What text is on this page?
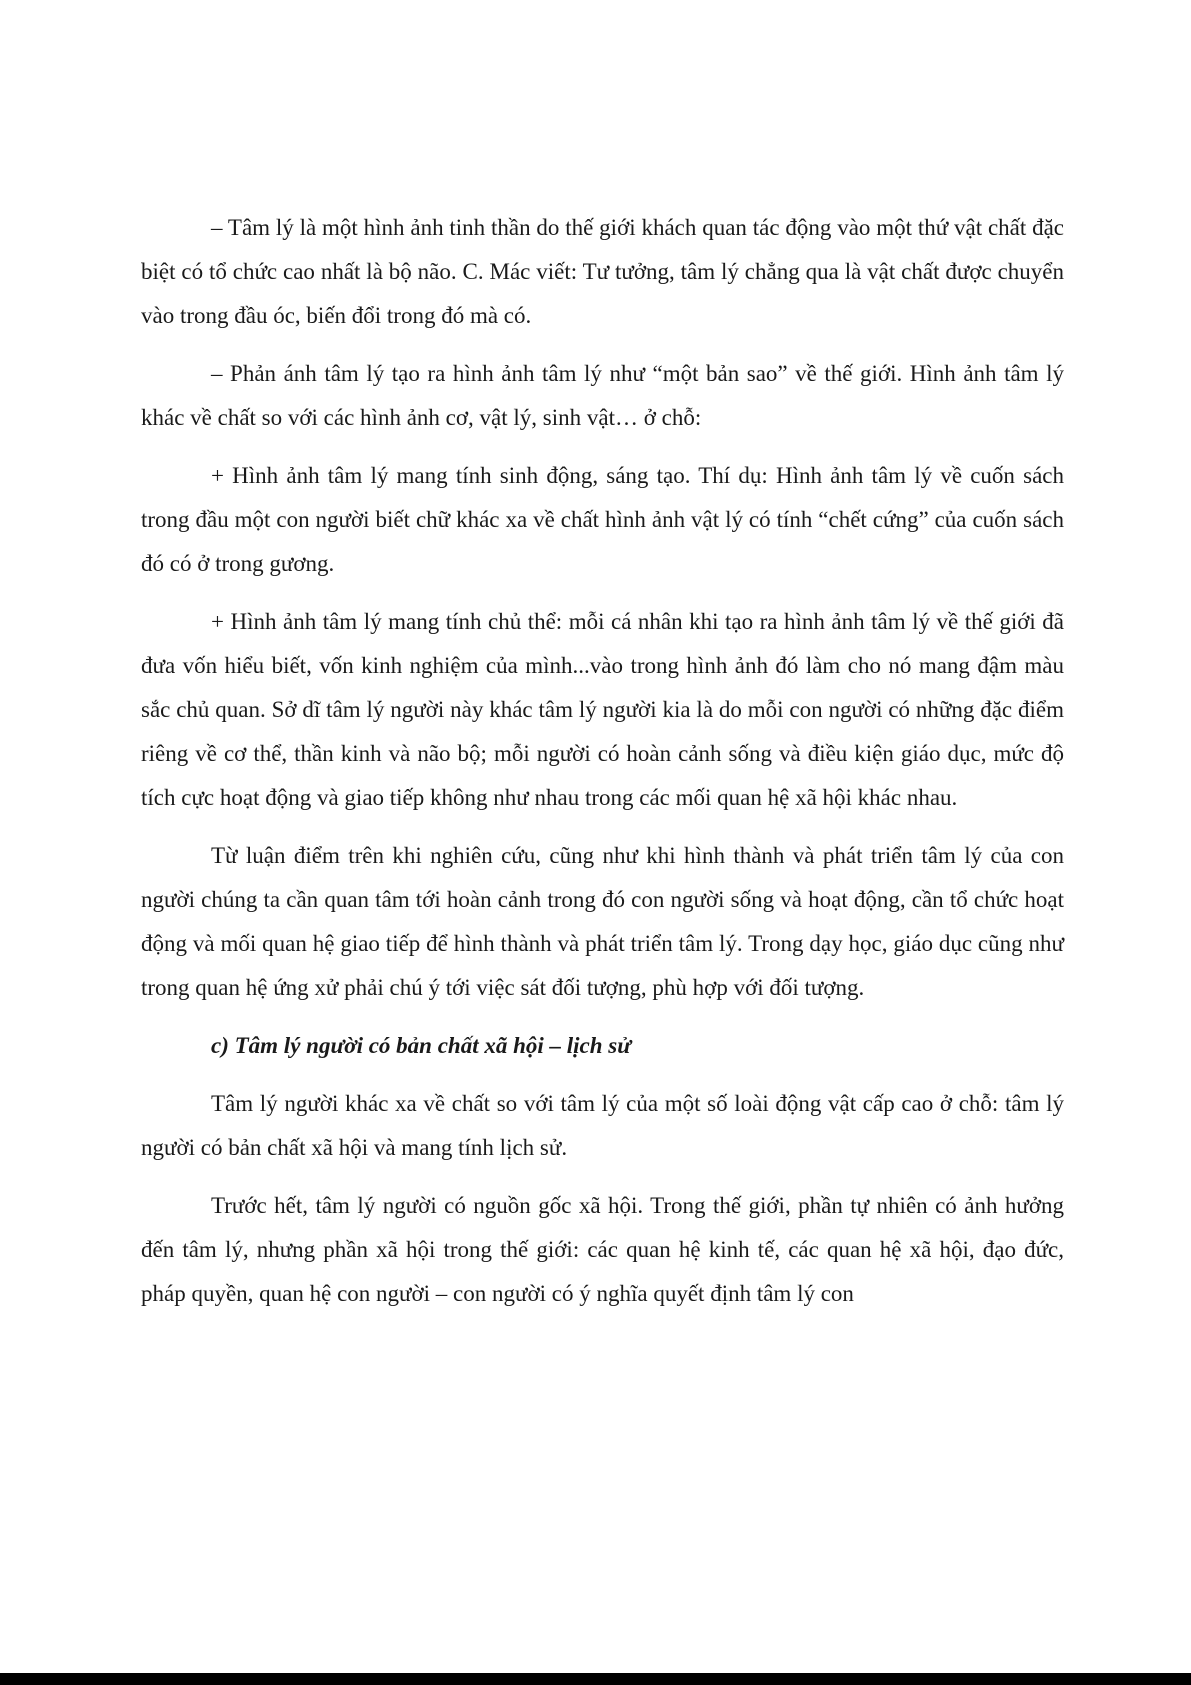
– Tâm lý là một hình ảnh tinh thần do thế giới khách quan tác động vào một thứ vật chất đặc biệt có tổ chức cao nhất là bộ não. C. Mác viết: Tư tưởng, tâm lý chẳng qua là vật chất được chuyển vào trong đầu óc, biến đổi trong đó mà có.

– Phản ánh tâm lý tạo ra hình ảnh tâm lý như “một bản sao” về thế giới. Hình ảnh tâm lý khác về chất so với các hình ảnh cơ, vật lý, sinh vật… ở chỗ:

+ Hình ảnh tâm lý mang tính sinh động, sáng tạo. Thí dụ: Hình ảnh tâm lý về cuốn sách trong đầu một con người biết chữ khác xa về chất hình ảnh vật lý có tính “chết cứng” của cuốn sách đó có ở trong gương.

+ Hình ảnh tâm lý mang tính chủ thể: mỗi cá nhân khi tạo ra hình ảnh tâm lý về thế giới đã đưa vốn hiểu biết, vốn kinh nghiệm của mình...vào trong hình ảnh đó làm cho nó mang đậm màu sắc chủ quan. Sở dĩ tâm lý người này khác tâm lý người kia là do mỗi con người có những đặc điểm riêng về cơ thể, thần kinh và não bộ; mỗi người có hoàn cảnh sống và điều kiện giáo dục, mức độ tích cực hoạt động và giao tiếp không như nhau trong các mối quan hệ xã hội khác nhau.

Từ luận điểm trên khi nghiên cứu, cũng như khi hình thành và phát triển tâm lý của con người chúng ta cần quan tâm tới hoàn cảnh trong đó con người sống và hoạt động, cần tổ chức hoạt động và mối quan hệ giao tiếp để hình thành và phát triển tâm lý. Trong dạy học, giáo dục cũng như trong quan hệ ứng xử phải chú ý tới việc sát đối tượng, phù hợp với đối tượng.

c) Tâm lý người có bản chất xã hội – lịch sử

Tâm lý người khác xa về chất so với tâm lý của một số loài động vật cấp cao ở chỗ: tâm lý người có bản chất xã hội và mang tính lịch sử.

Trước hết, tâm lý người có nguồn gốc xã hội. Trong thế giới, phần tự nhiên có ảnh hưởng đến tâm lý, nhưng phần xã hội trong thế giới: các quan hệ kinh tế, các quan hệ xã hội, đạo đức, pháp quyền, quan hệ con người – con người có ý nghĩa quyết định tâm lý con
